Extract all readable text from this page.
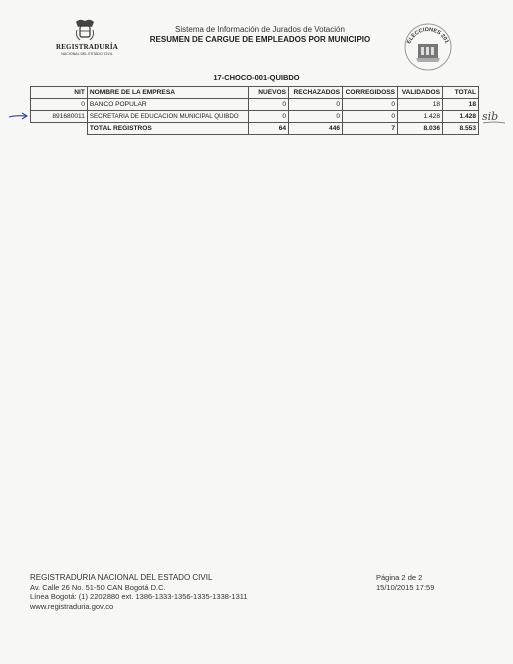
REGISTRADURÍA
NACIONAL DEL ESTADO CIVIL
Sistema de Información de Jurados de Votación
RESUMEN DE CARGUE DE EMPLEADOS POR MUNICIPIO	ELECCIONES 201
17-CHOCO-001-QUIBDO
NIT	NOMBRE DE LA EMPRESA	NUEVOS	RECHAZADOS	CORREGIDOSS	VALIDADOS	TOTAL
0	BANCO POPULAR	0	0	0	18	18
891680011	SECRETARIA DE EDUCACION MUNICIPAL QUIBDO	0	0	0	1.428	1.428
	TOTAL REGISTROS	64	446	7	8.036	8.553
sib
REGISTRADURIA NACIONAL DEL ESTADO CIVIL
Av. Calle 26 No. 51-50 CAN Bogotá D.C.
Línea Bogotá: (1) 2202880 ext. 1386-1333-1356-1335-1338-1311
www.registraduria.gov.co
Página 2 de 2
15/10/2015 17:59
